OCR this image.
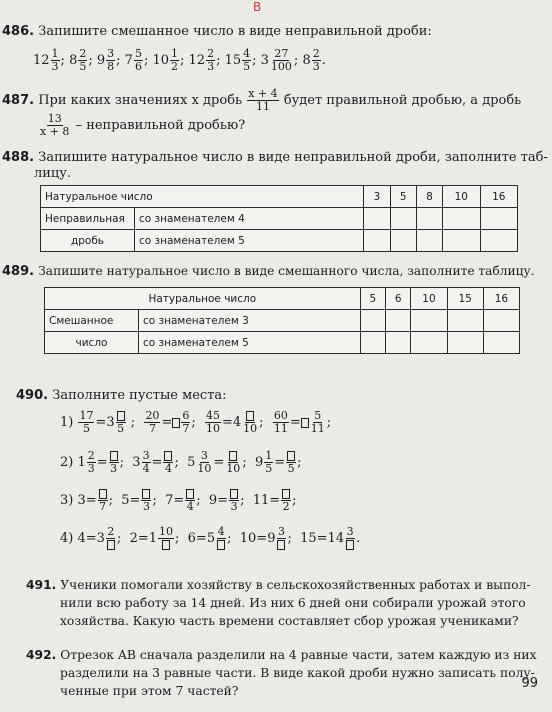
В
486. Запишите смешанное число в виде неправильной дроби:
$12 \frac{1}{3}$ ; $8 \frac{2}{5}$ ; $9 \frac{3}{8}$ ; $7 \frac{5}{6}$ ; $10 \frac{1}{2}$ ; $12 \frac{2}{3}$ ; $15 \frac{4}{5}$ ; $3 \frac{27}{100}$ ; $8 \frac{2}{3}$ .
487. При каких значениях x дробь $\frac{x + 4}{11}$ будет правильной дробью, а дробь
$\frac{13}{x + 8}$ – неправильной дробью?
488. Запишите натуральное число в виде неправильной дроби, заполните таб-
лицу.
Натуральное число		3	5	8	10	16
Неправильная	со знаменателем 4					
дробь	со знаменателем 5					
489. Запишите натуральное число в виде смешанного числа, заполните таблицу.
Натуральное число		5	6	10	15	16
Смешанное	со знаменателем 3					
число	со знаменателем 5					
490. Заполните пустые места:
$1) \frac{17}{5} =3$ 5 ; $\frac{20}{7} = \frac{6}{7}$ ; $\frac{45}{10} =4$ 10 ; $\frac{60}{11} = \frac{5}{11}$ ;
2) $1 \frac{2}{3} = 3$ ;  $3 \frac{3}{4} = 4$ ;  $5 \frac{3}{10} = 10$ ;  $9 \frac{1}{5} = 5$ ;
3) 3= 7 ;  5= 3 ;  7= 4 ;  9= 3 ;  11= 2 ;
4) 4=3 2 ;  2=1 10 ;  6=5 4 ;  10=9 3 ;  15=14 3 .
491. Ученики помогали хозяйству в сельскохозяйственных работах и выпол-
нили всю работу за 14 дней. Из них 6 дней они собирали урожай этого
хозяйства. Какую часть времени составляет сбор урожая учениками?
492. Отрезок AB сначала разделили на 4 равные части, затем каждую из них
разделили на 3 равные части. В виде какой дроби нужно записать полу-
ченные при этом 7 частей?	99
